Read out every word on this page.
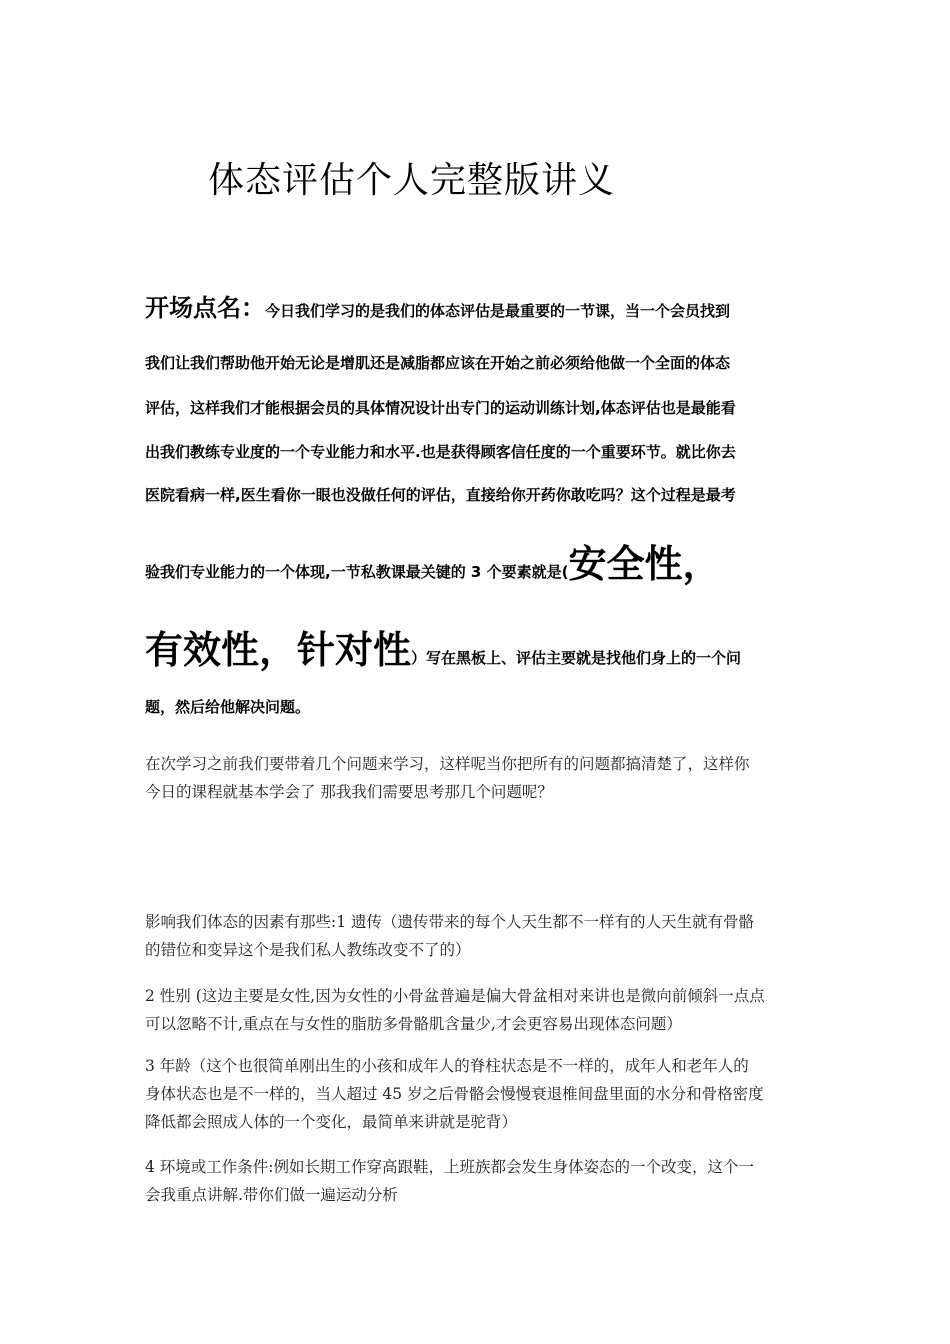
体态评估个人完整版讲义
开场点名：今日我们学习的是我们的体态评估是最重要的一节课，当一个会员找到
我们让我们帮助他开始无论是增肌还是减脂都应该在开始之前必须给他做一个全面的体态
评估，这样我们才能根据会员的具体情况设计出专门的运动训练计划,体态评估也是最能看
出我们教练专业度的一个专业能力和水平.也是获得顾客信任度的一个重要环节。就比你去
医院看病一样,医生看你一眼也没做任何的评估，直接给你开药你敢吃吗？这个过程是最考
验我们专业能力的一个体现,一节私教课最关键的 3 个要素就是(安全性，
有效性，针对性）写在黑板上、评估主要就是找他们身上的一个问
题，然后给他解决问题。
在次学习之前我们要带着几个问题来学习，这样呢当你把所有的问题都搞清楚了，这样你
今日的课程就基本学会了 那我我们需要思考那几个问题呢？
影响我们体态的因素有那些:1 遗传（遗传带来的每个人天生都不一样有的人天生就有骨骼
的错位和变异这个是我们私人教练改变不了的）
2 性别 (这边主要是女性,因为女性的小骨盆普遍是偏大骨盆相对来讲也是微向前倾斜一点点
可以忽略不计,重点在与女性的脂肪多骨骼肌含量少,才会更容易出现体态问题）
3 年龄（这个也很简单刚出生的小孩和成年人的脊柱状态是不一样的，成年人和老年人的
身体状态也是不一样的，当人超过 45 岁之后骨骼会慢慢衰退椎间盘里面的水分和骨格密度
降低都会照成人体的一个变化，最简单来讲就是驼背）
4 环境或工作条件:例如长期工作穿高跟鞋，上班族都会发生身体姿态的一个改变，这个一
会我重点讲解.带你们做一遍运动分析
